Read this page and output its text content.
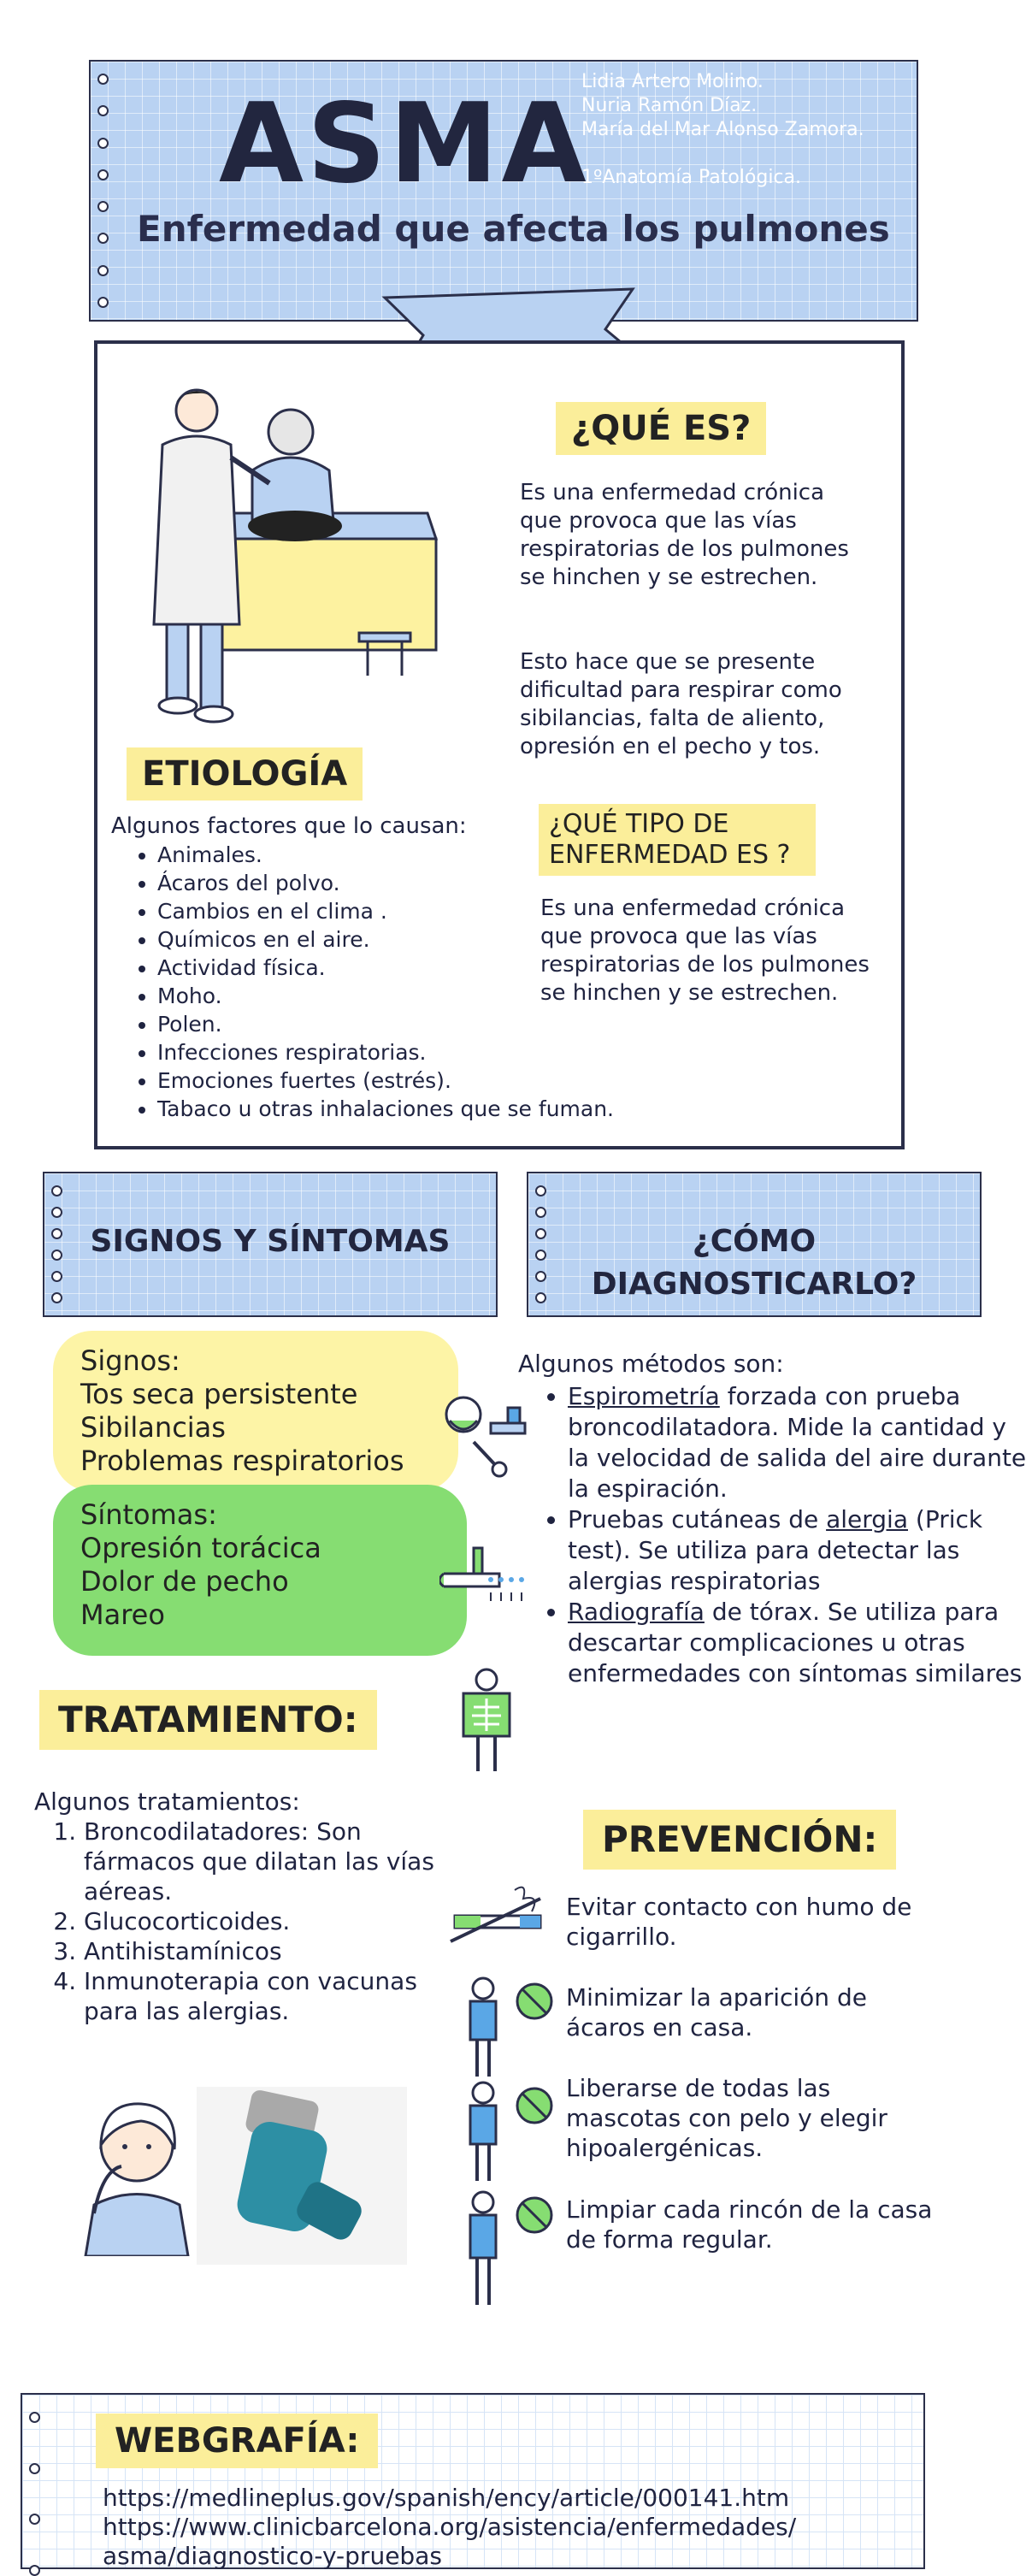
ASMA
Enfermedad que afecta los pulmones
Lidia Artero Molino.
Nuria Ramón Díaz.
María del Mar Alonso Zamora.
1ºAnatomía Patológica.
¿QUÉ ES?
Es una enfermedad crónica que provoca que las vías respiratorias de los pulmones se hinchen y se estrechen.
Esto hace que se presente dificultad para respirar como sibilancias, falta de aliento, opresión en el pecho y tos.
ETIOLOGÍA
Algunos factores que lo causan:
• Animales.
• Ácaros del polvo.
• Cambios en el clima .
• Químicos en el aire.
• Actividad física.
• Moho.
• Polen.
• Infecciones respiratorias.
• Emociones fuertes (estrés).
• Tabaco u otras inhalaciones que se fuman.
¿QUÉ TIPO DE ENFERMEDAD ES ?
Es una enfermedad crónica que provoca que las vías respiratorias de los pulmones se hinchen y se estrechen.
SIGNOS Y SÍNTOMAS	¿CÓMO DIAGNOSTICARLO?
Signos:
Tos seca persistente
Sibilancias
Problemas respiratorios
Síntomas:
Opresión torácica
Dolor de pecho
Mareo
Algunos métodos son:
• Espirometría forzada con prueba broncodilatadora. Mide la cantidad y la velocidad de salida del aire durante la espiración.
• Pruebas cutáneas de alergia (Prick test). Se utiliza para detectar las alergias respiratorias
• Radiografía de tórax. Se utiliza para descartar complicaciones u otras enfermedades con síntomas similares
TRATAMIENTO:
Algunos tratamientos:
1. Broncodilatadores: Son fármacos que dilatan las vías aéreas.
2. Glucocorticoides.
3. Antihistamínicos
4. Inmunoterapia con vacunas para las alergias.
PREVENCIÓN:
Evitar contacto con humo de cigarrillo.
Minimizar la aparición de ácaros en casa.
Liberarse de todas las mascotas con pelo y elegir hipoalergénicas.
Limpiar cada rincón de la casa de forma regular.
WEBGRAFÍA:
https://medlineplus.gov/spanish/ency/article/000141.htm
https://www.clinicbarcelona.org/asistencia/enfermedades/
asma/diagnostico-y-pruebas
